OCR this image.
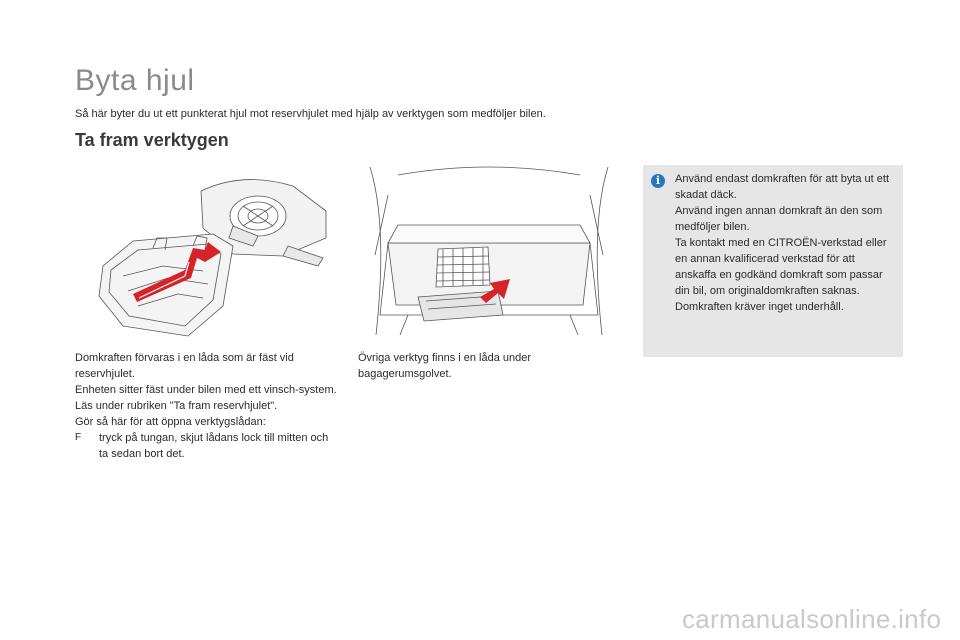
Byta hjul
Så här byter du ut ett punkterat hjul mot reservhjulet med hjälp av verktygen som medföljer bilen.
Ta fram verktygen

Domkraften förvaras i en låda som är fäst vid reservhjulet.

Enheten sitter fäst under bilen med ett vinsch-system.

Läs under rubriken "Ta fram reservhjulet".

Gör så här för att öppna verktygslådan:

F	tryck på tungan, skjut lådans lock till mitten och ta sedan bort det.

Övriga verktyg finns i en låda under bagagerumsgolvet.

i	Använd endast domkraften för att byta ut ett skadat däck.

Använd ingen annan domkraft än den som medföljer bilen.

Ta kontakt med en CITROËN-verkstad eller en annan kvalificerad verkstad för att anskaffa en godkänd domkraft som passar din bil, om originaldomkraften saknas.

Domkraften kräver inget underhåll.

carmanualsonline.info
